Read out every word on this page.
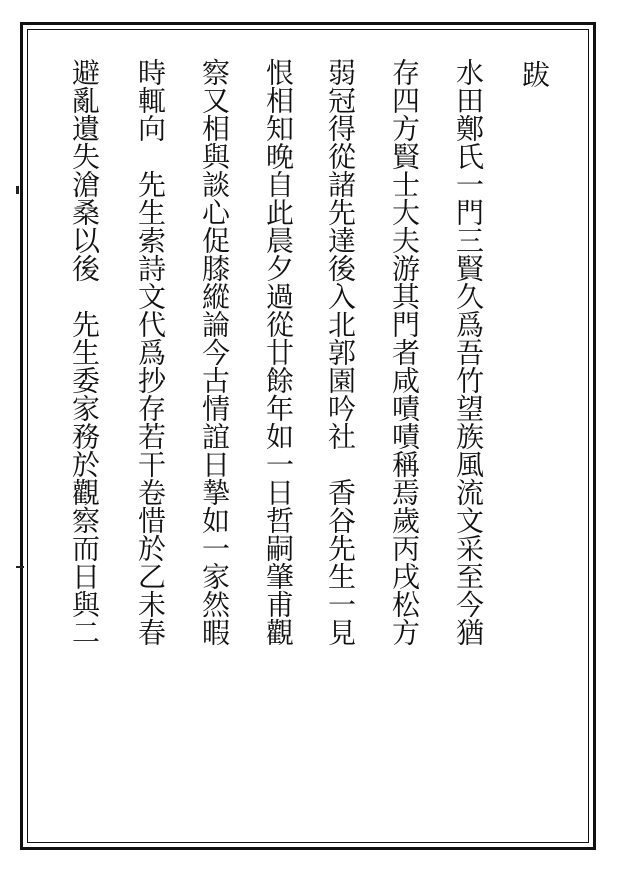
跋
水田鄭氏一門三賢久爲吾竹望族風流文采至今猶
存四方賢士大夫游其門者咸嘖嘖稱焉歲丙戌松方
弱冠得從諸先達後入北郭園吟社　香谷先生一見
恨相知晚自此晨夕過從廿餘年如一日哲嗣肇甫觀
察又相與談心促膝縱論今古情誼日摯如一家然暇
時輒向　先生索詩文代爲抄存若干卷惜於乙未春
避亂遺失滄桑以後　先生委家務於觀察而日與二
